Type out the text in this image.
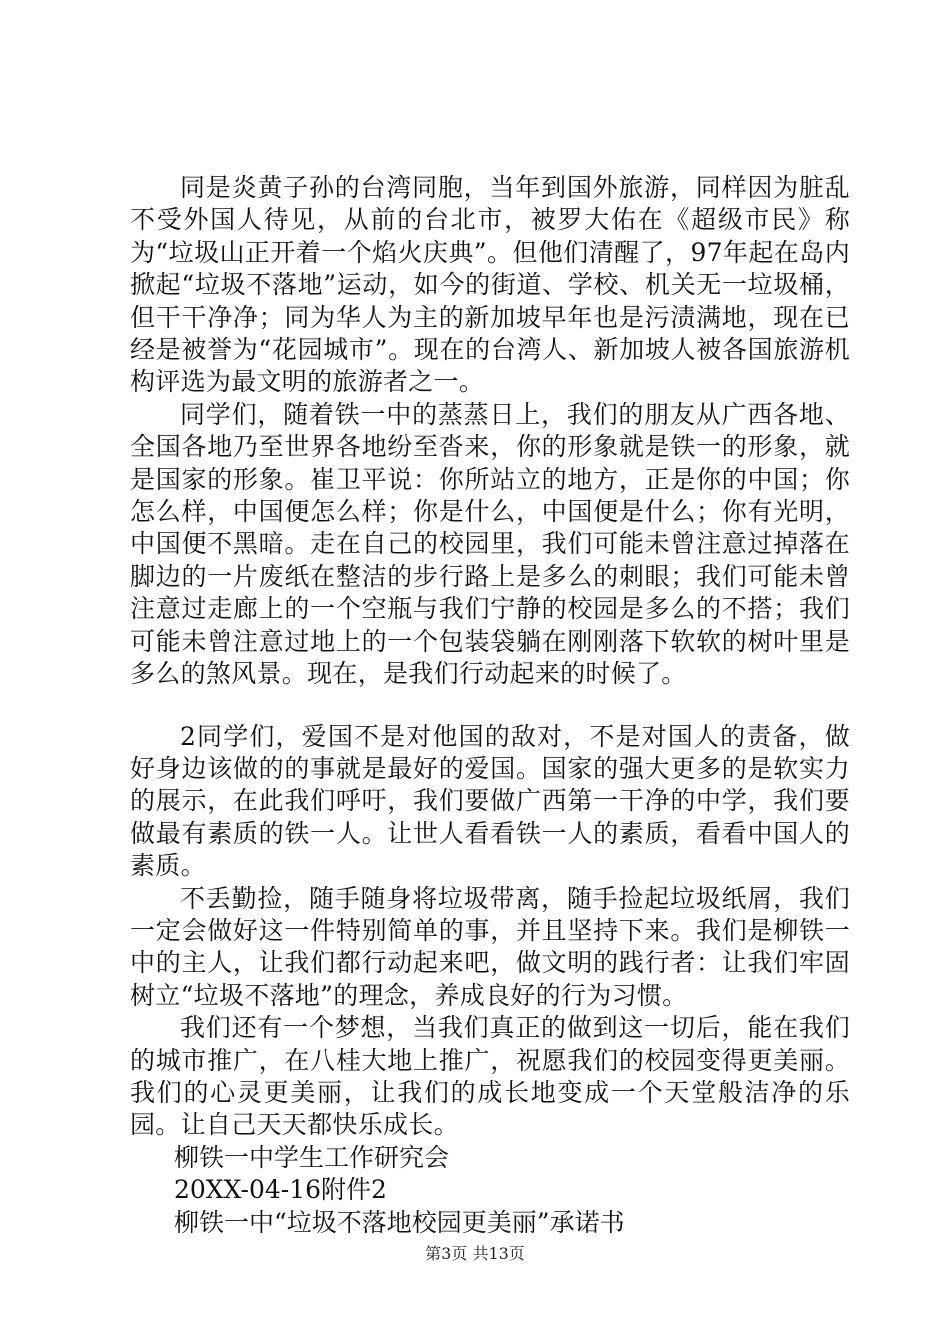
同是炎黄子孙的台湾同胞，当年到国外旅游，同样因为脏乱不受外国人待见，从前的台北市，被罗大佑在《超级市民》称为“垃圾山正开着一个焰火庆典”。但他们清醒了，97年起在岛内掀起“垃圾不落地”运动，如今的街道、学校、机关无一垃圾桶，但干干净净；同为华人为主的新加坡早年也是污渍满地，现在已经是被誉为“花园城市”。现在的台湾人、新加坡人被各国旅游机构评选为最文明的旅游者之一。

同学们，随着铁一中的蒸蒸日上，我们的朋友从广西各地、全国各地乃至世界各地纷至沓来，你的形象就是铁一的形象，就是国家的形象。崔卫平说：你所站立的地方，正是你的中国；你怎么样，中国便怎么样；你是什么，中国便是什么；你有光明，中国便不黑暗。走在自己的校园里，我们可能未曾注意过掉落在脚边的一片废纸在整洁的步行路上是多么的刺眼；我们可能未曾注意过走廊上的一个空瓶与我们宁静的校园是多么的不搭；我们可能未曾注意过地上的一个包装袋躺在刚刚落下软软的树叶里是多么的煞风景。现在，是我们行动起来的时候了。

2同学们，爱国不是对他国的敌对，不是对国人的责备，做好身边该做的的事就是最好的爱国。国家的强大更多的是软实力的展示，在此我们呼吁，我们要做广西第一干净的中学，我们要做最有素质的铁一人。让世人看看铁一人的素质，看看中国人的素质。

不丢勤捡，随手随身将垃圾带离，随手捡起垃圾纸屑，我们一定会做好这一件特别简单的事，并且坚持下来。我们是柳铁一中的主人，让我们都行动起来吧，做文明的践行者：让我们牢固树立“垃圾不落地”的理念，养成良好的行为习惯。

我们还有一个梦想，当我们真正的做到这一切后，能在我们的城市推广，在八桂大地上推广，祝愿我们的校园变得更美丽。我们的心灵更美丽，让我们的成长地变成一个天堂般洁净的乐园。让自己天天都快乐成长。

柳铁一中学生工作研究会

20XX-04-16附件2

柳铁一中“垃圾不落地校园更美丽”承诺书

第3页 共13页
